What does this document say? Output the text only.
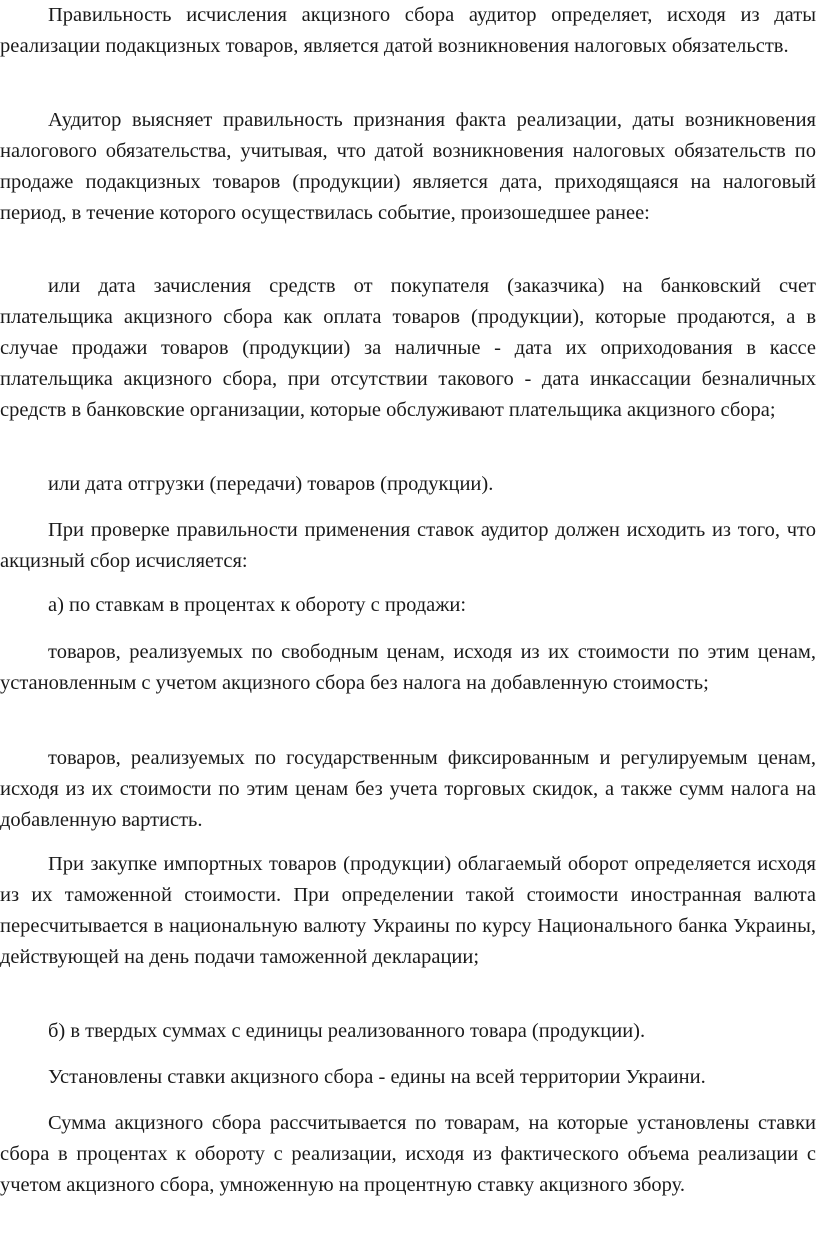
Правильность исчисления акцизного сбора аудитор определяет, исходя из даты реализации подакцизных товаров, является датой возникновения налоговых обязательств.

Аудитор выясняет правильность признания факта реализации, даты возникновения налогового обязательства, учитывая, что датой возникновения налоговых обязательств по продаже подакцизных товаров (продукции) является дата, приходящаяся на налоговый период, в течение которого осуществилась событие, произошедшее ранее:

или дата зачисления средств от покупателя (заказчика) на банковский счет плательщика акцизного сбора как оплата товаров (продукции), которые продаются, а в случае продажи товаров (продукции) за наличные - дата их оприходования в кассе плательщика акцизного сбора, при отсутствии такового - дата инкассации безналичных средств в банковские организации, которые обслуживают плательщика акцизного сбора;

или дата отгрузки (передачи) товаров (продукции).

При проверке правильности применения ставок аудитор должен исходить из того, что акцизный сбор исчисляется:

а) по ставкам в процентах к обороту с продажи:

товаров, реализуемых по свободным ценам, исходя из их стоимости по этим ценам, установленным с учетом акцизного сбора без налога на добавленную стоимость;

товаров, реализуемых по государственным фиксированным и регулируемым ценам, исходя из их стоимости по этим ценам без учета торговых скидок, а также сумм налога на добавленную вартисть.

При закупке импортных товаров (продукции) облагаемый оборот определяется исходя из их таможенной стоимости. При определении такой стоимости иностранная валюта пересчитывается в национальную валюту Украины по курсу Национального банка Украины, действующей на день подачи таможенной декларации;

б) в твердых суммах с единицы реализованного товара (продукции).

Установлены ставки акцизного сбора - едины на всей территории Украини.

Сумма акцизного сбора рассчитывается по товарам, на которые установлены ставки сбора в процентах к обороту с реализации, исходя из фактического объема реализации с учетом акцизного сбора, умноженную на процентную ставку акцизного збору.
